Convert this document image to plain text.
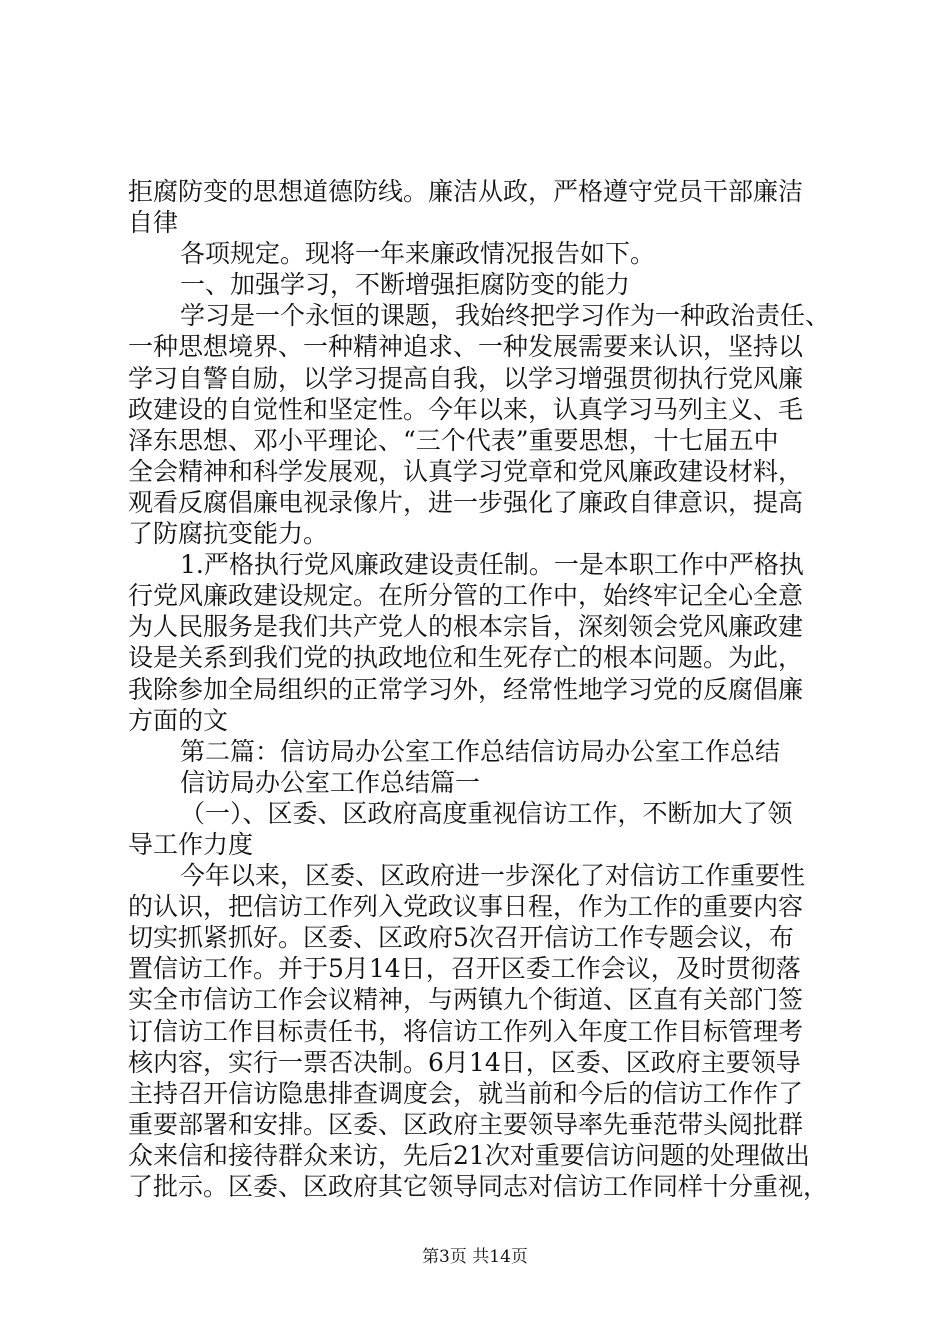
拒腐防变的思想道德防线。廉洁从政，严格遵守党员干部廉洁
自律
各项规定。现将一年来廉政情况报告如下。
一、加强学习，不断增强拒腐防变的能力
学习是一个永恒的课题，我始终把学习作为一种政治责任、
一种思想境界、一种精神追求、一种发展需要来认识，坚持以
学习自警自励，以学习提高自我，以学习增强贯彻执行党风廉
政建设的自觉性和坚定性。今年以来，认真学习马列主义、毛
泽东思想、邓小平理论、“三个代表”重要思想，十七届五中
全会精神和科学发展观，认真学习党章和党风廉政建设材料，
观看反腐倡廉电视录像片，进一步强化了廉政自律意识，提高
了防腐抗变能力。
1.严格执行党风廉政建设责任制。一是本职工作中严格执
行党风廉政建设规定。在所分管的工作中，始终牢记全心全意
为人民服务是我们共产党人的根本宗旨，深刻领会党风廉政建
设是关系到我们党的执政地位和生死存亡的根本问题。为此，
我除参加全局组织的正常学习外，经常性地学习党的反腐倡廉
方面的文
第二篇：信访局办公室工作总结信访局办公室工作总结
信访局办公室工作总结篇一
（一）、区委、区政府高度重视信访工作，不断加大了领
导工作力度
今年以来，区委、区政府进一步深化了对信访工作重要性
的认识，把信访工作列入党政议事日程，作为工作的重要内容
切实抓紧抓好。区委、区政府5次召开信访工作专题会议，布
置信访工作。并于5月14日，召开区委工作会议，及时贯彻落
实全市信访工作会议精神，与两镇九个街道、区直有关部门签
订信访工作目标责任书，将信访工作列入年度工作目标管理考
核内容，实行一票否决制。6月14日，区委、区政府主要领导
主持召开信访隐患排查调度会，就当前和今后的信访工作作了
重要部署和安排。区委、区政府主要领导率先垂范带头阅批群
众来信和接待群众来访，先后21次对重要信访问题的处理做出
了批示。区委、区政府其它领导同志对信访工作同样十分重视，
第3页 共14页
